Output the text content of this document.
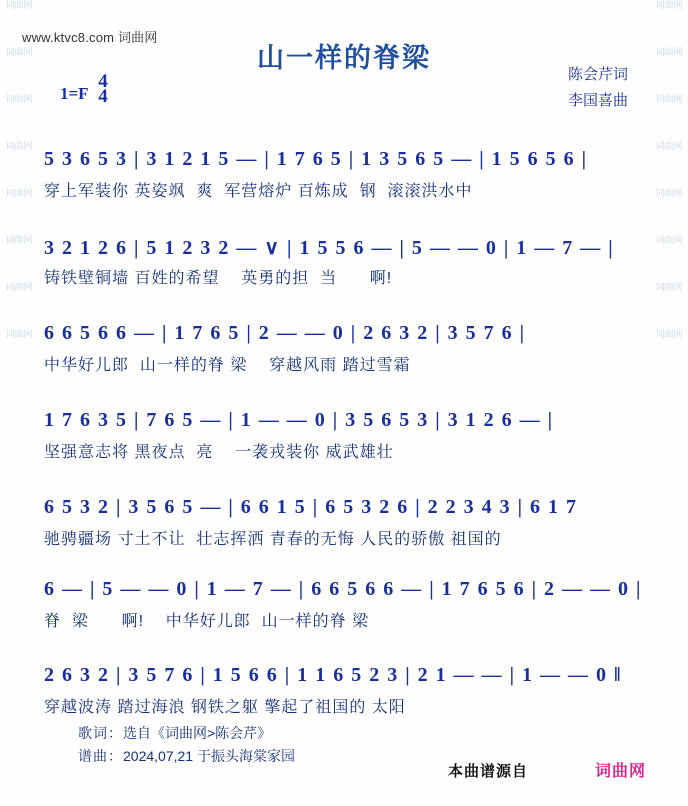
词曲网
词曲网
词曲网
词曲网
词曲网
词曲网
词曲网
词曲网
词曲网
词曲网
词曲网
词曲网
词曲网
词曲网
词曲网
词曲网
www.ktvc8.com 词曲网
山一样的脊梁
1=F
4
4
陈会芹词
李国喜曲
5 3 6 5 3 | 3 1 2 1 5 — | 1 7 6 5 | 1 3 5 6 5 — | 1 5 6 5 6 |
穿上军装你 英姿飒  爽  军营熔炉 百炼成  钢  滚滚洪水中
3 2 1 2 6 | 5 1 2 3 2 — ∨ | 1 5 5 6 — | 5 — — 0 | 1 — 7 — |
铸铁壁铜墙 百姓的希望    英勇的担  当      啊!
6 6 5 6 6 — | 1 7 6 5 | 2 — — 0 | 2 6 3 2 | 3 5 7 6 |
中华好儿郎  山一样的脊 梁    穿越风雨 踏过雪霜
1 7 6 3 5 | 7 6 5 — | 1 — — 0 | 3 5 6 5 3 | 3 1 2 6 — |
坚强意志将 黑夜点  亮    一袭戎装你 威武雄壮
6 5 3 2 | 3 5 6 5 — | 6 6 1 5 | 6 5 3 2 6 | 2 2 3 4 3 | 6 1 7
驰骋疆场 寸土不让  壮志挥洒 青春的无悔 人民的骄傲 祖国的
6 — | 5 — — 0 | 1 — 7 — | 6 6 5 6 6 — | 1 7 6 5 6 | 2 — — 0 |
脊  梁      啊!    中华好儿郎  山一样的脊 梁
2 6 3 2 | 3 5 7 6 | 1 5 6 6 | 1 1 6 5 2 3 | 2 1 — — | 1 — — 0 ‖
穿越波涛 踏过海浪 钢铁之躯 擎起了祖国的 太阳
歌词：选自《词曲网>陈会芹》
谱曲：2024,07,21 于振头海棠家园
本曲谱源自	词曲网
